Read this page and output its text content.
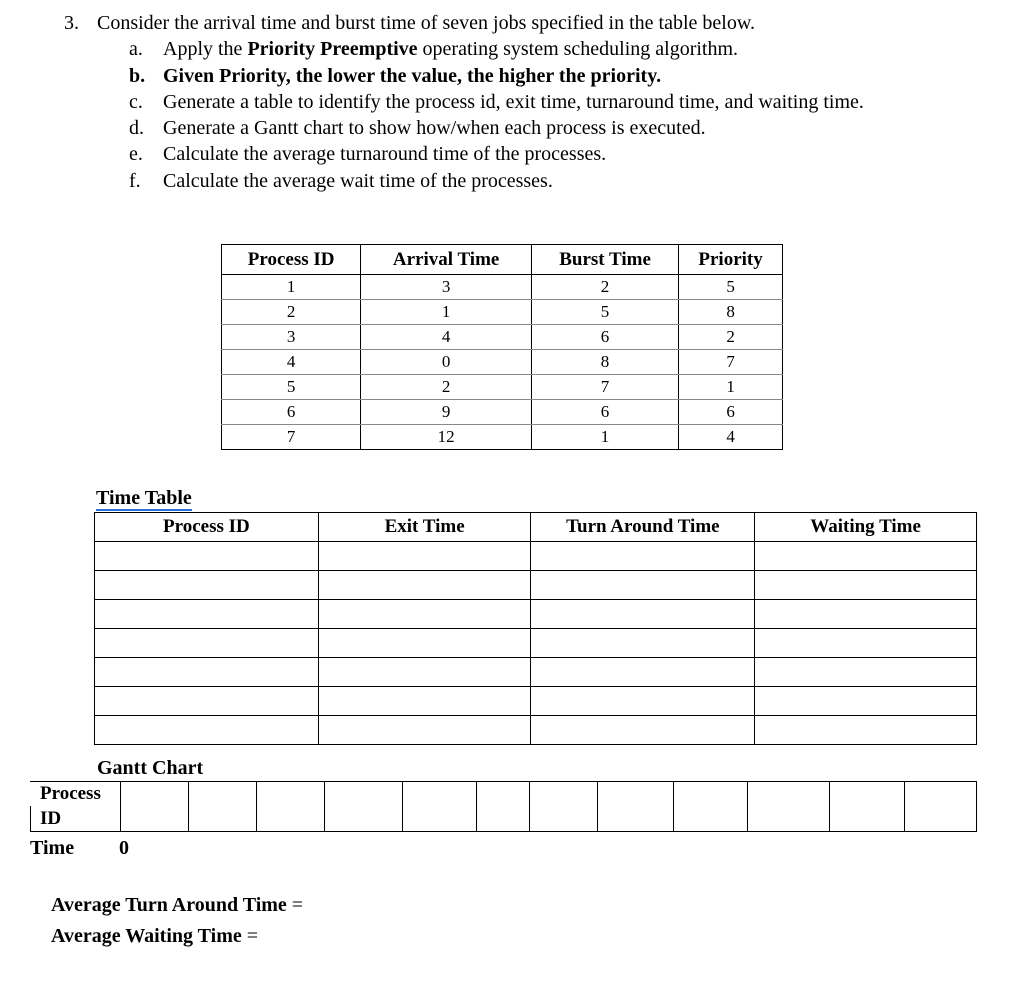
3. Consider the arrival time and burst time of seven jobs specified in the table below.
a. Apply the Priority Preemptive operating system scheduling algorithm.
b. Given Priority, the lower the value, the higher the priority.
c. Generate a table to identify the process id, exit time, turnaround time, and waiting time.
d. Generate a Gantt chart to show how/when each process is executed.
e. Calculate the average turnaround time of the processes.
f. Calculate the average wait time of the processes.
Process ID	Arrival Time	Burst Time	Priority
1	3	2	5
2	1	5	8
3	4	6	2
4	0	8	7
5	2	7	1
6	9	6	6
7	12	1	4
Time Table
Process ID	Exit Time	Turn Around Time	Waiting Time

Gantt Chart
Process
ID
Time 0
Average Turn Around Time =
Average Waiting Time =
